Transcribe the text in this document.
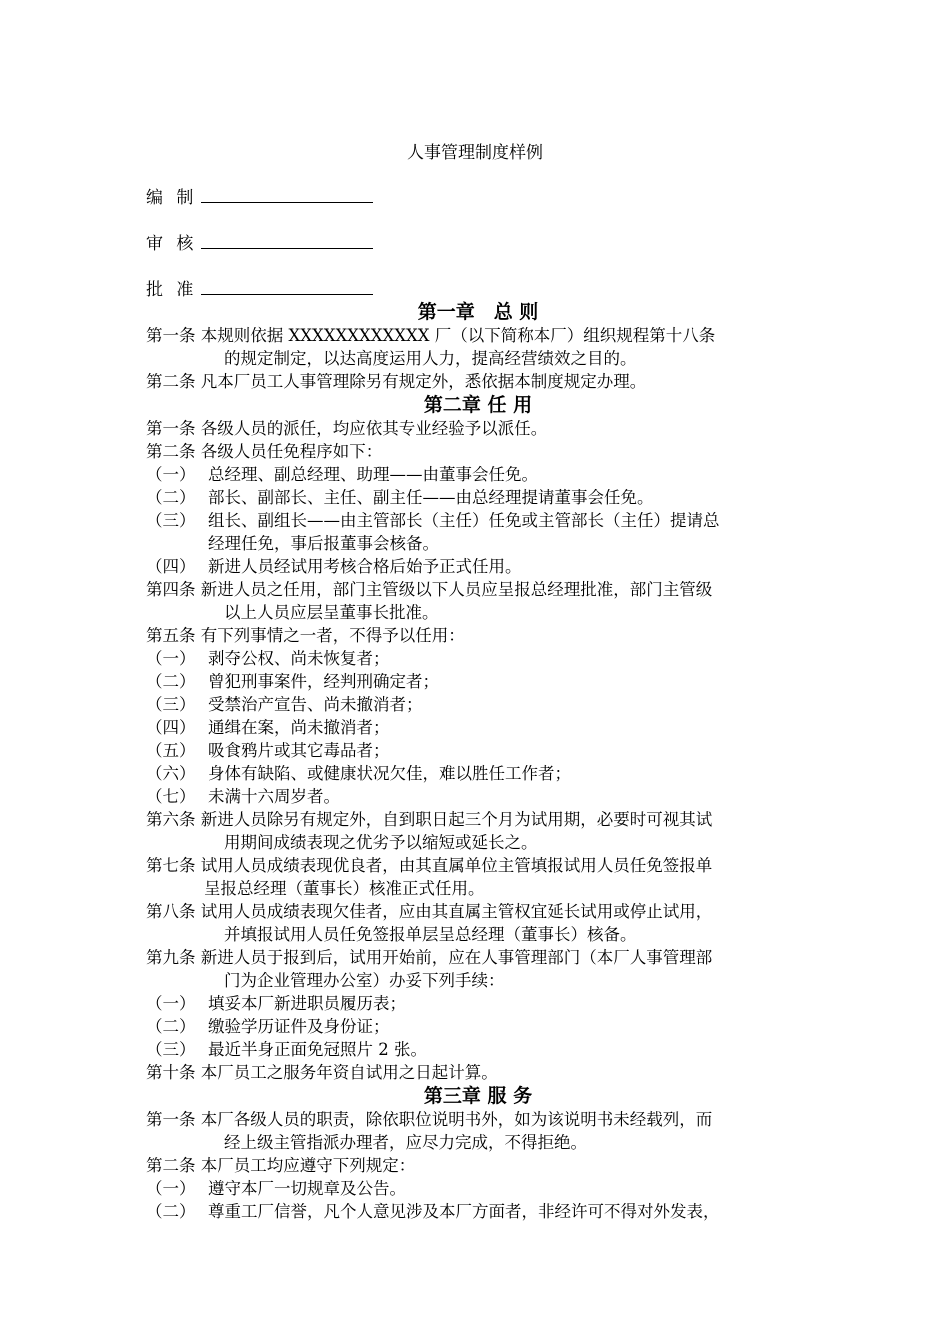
人事管理制度样例
编 制
审 核
批 准
第一章　总 则
第一条 本规则依据 XXXXXXXXXXXX 厂（以下简称本厂）组织规程第十八条
的规定制定，以达高度运用人力，提高经营绩效之目的。
第二条 凡本厂员工人事管理除另有规定外，悉依据本制度规定办理。
第二章 任 用
第一条 各级人员的派任，均应依其专业经验予以派任。
第二条 各级人员任免程序如下：
（一） 总经理、副总经理、助理——由董事会任免。
（二） 部长、副部长、主任、副主任——由总经理提请董事会任免。
（三） 组长、副组长——由主管部长（主任）任免或主管部长（主任）提请总
经理任免，事后报董事会核备。
（四） 新进人员经试用考核合格后始予正式任用。
第四条 新进人员之任用，部门主管级以下人员应呈报总经理批准，部门主管级
以上人员应层呈董事长批准。
第五条 有下列事情之一者，不得予以任用：
（一） 剥夺公权、尚未恢复者；
（二） 曾犯刑事案件，经判刑确定者；
（三） 受禁治产宣告、尚未撤消者；
（四） 通缉在案，尚未撤消者；
（五） 吸食鸦片或其它毒品者；
（六） 身体有缺陷、或健康状况欠佳，难以胜任工作者；
（七） 未满十六周岁者。
第六条 新进人员除另有规定外，自到职日起三个月为试用期，必要时可视其试
用期间成绩表现之优劣予以缩短或延长之。
第七条 试用人员成绩表现优良者，由其直属单位主管填报试用人员任免签报单
呈报总经理（董事长）核准正式任用。
第八条 试用人员成绩表现欠佳者，应由其直属主管权宜延长试用或停止试用，
并填报试用人员任免签报单层呈总经理（董事长）核备。
第九条 新进人员于报到后，试用开始前，应在人事管理部门（本厂人事管理部
门为企业管理办公室）办妥下列手续：
（一） 填妥本厂新进职员履历表；
（二） 缴验学历证件及身份证；
（三） 最近半身正面免冠照片 2 张。
第十条 本厂员工之服务年资自试用之日起计算。
第三章 服 务
第一条 本厂各级人员的职责，除依职位说明书外，如为该说明书未经载列，而
经上级主管指派办理者，应尽力完成，不得拒绝。
第二条 本厂员工均应遵守下列规定：
（一） 遵守本厂一切规章及公告。
（二） 尊重工厂信誉，凡个人意见涉及本厂方面者，非经许可不得对外发表，
